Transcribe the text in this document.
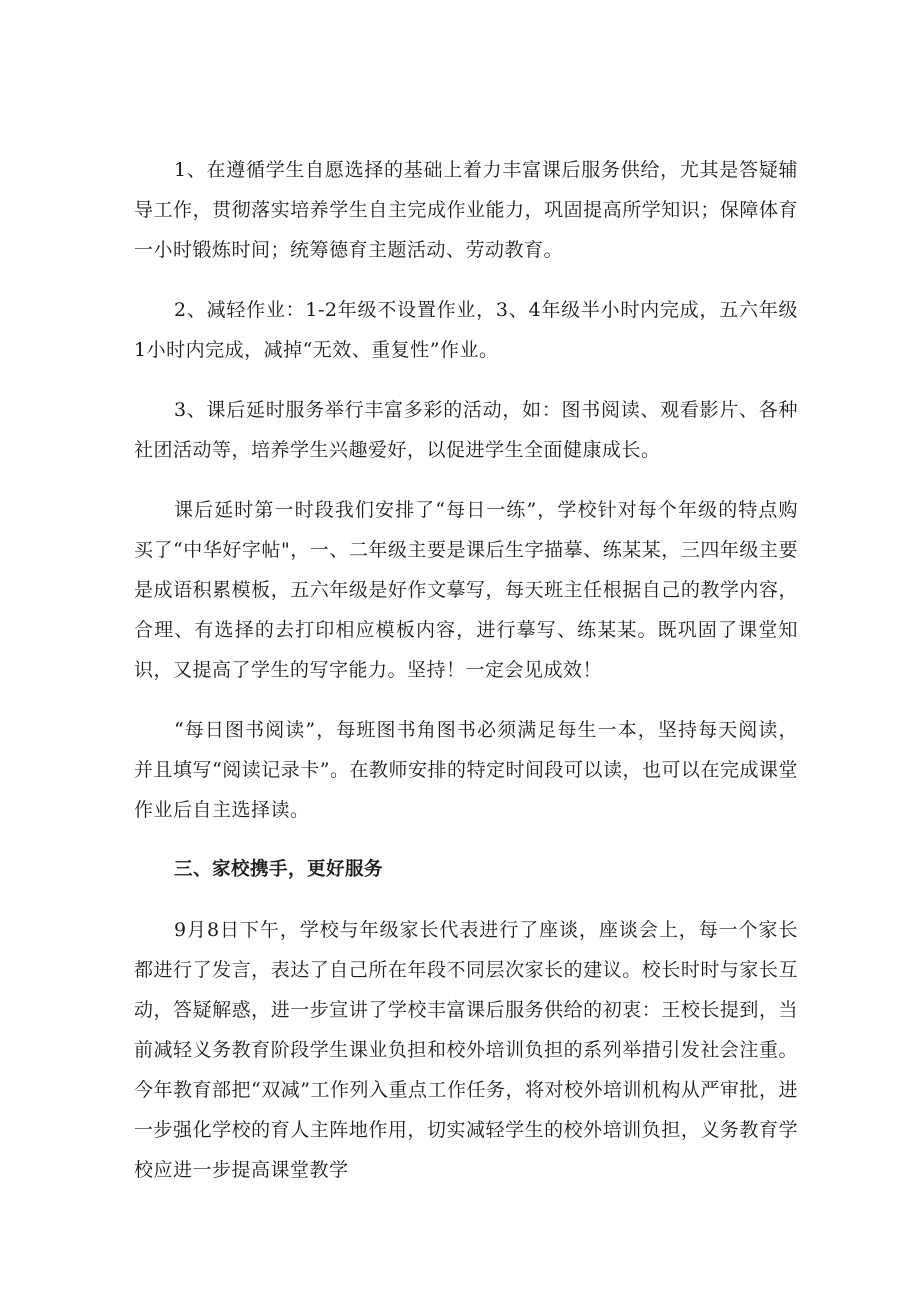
1、在遵循学生自愿选择的基础上着力丰富课后服务供给，尤其是答疑辅导工作，贯彻落实培养学生自主完成作业能力，巩固提高所学知识；保障体育一小时锻炼时间；统筹德育主题活动、劳动教育。

2、减轻作业：1-2年级不设置作业，3、4年级半小时内完成，五六年级1小时内完成，减掉“无效、重复性”作业。

3、课后延时服务举行丰富多彩的活动，如：图书阅读、观看影片、各种社团活动等，培养学生兴趣爱好，以促进学生全面健康成长。

课后延时第一时段我们安排了“每日一练”，学校针对每个年级的特点购买了“中华好字帖"，一、二年级主要是课后生字描摹、练某某，三四年级主要是成语积累模板，五六年级是好作文摹写，每天班主任根据自己的教学内容，合理、有选择的去打印相应模板内容，进行摹写、练某某。既巩固了课堂知识，又提高了学生的写字能力。坚持！一定会见成效！

“每日图书阅读”，每班图书角图书必须满足每生一本，坚持每天阅读，并且填写“阅读记录卡”。在教师安排的特定时间段可以读，也可以在完成课堂作业后自主选择读。

三、家校携手，更好服务

9月8日下午，学校与年级家长代表进行了座谈，座谈会上，每一个家长都进行了发言，表达了自己所在年段不同层次家长的建议。校长时时与家长互动，答疑解惑，进一步宣讲了学校丰富课后服务供给的初衷：王校长提到，当前减轻义务教育阶段学生课业负担和校外培训负担的系列举措引发社会注重。今年教育部把“双减”工作列入重点工作任务，将对校外培训机构从严审批，进一步强化学校的育人主阵地作用，切实减轻学生的校外培训负担，义务教育学校应进一步提高课堂教学
